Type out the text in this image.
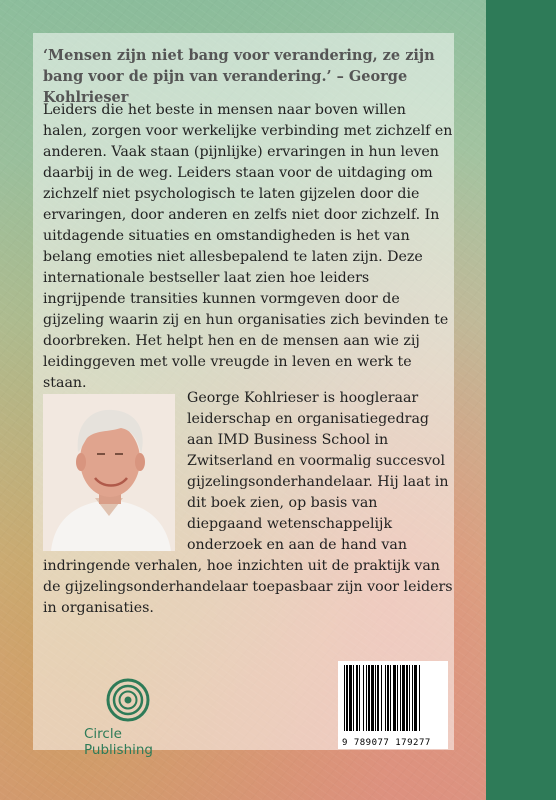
‘Mensen zijn niet bang voor verandering, ze zijn bang voor de pijn van verandering.’ – George Kohlrieser
Leiders die het beste in mensen naar boven willen halen, zorgen voor werkelijke verbinding met zichzelf en anderen. Vaak staan (pijnlijke) ervaringen in hun leven daarbij in de weg. Leiders staan voor de uitdaging om zichzelf niet psychologisch te laten gijzelen door die ervaringen, door anderen en zelfs niet door zichzelf. In uitdagende situaties en omstandigheden is het van belang emoties niet allesbepalend te laten zijn. Deze internationale bestseller laat zien hoe leiders ingrijpende transities kunnen vormgeven door de gijzeling waarin zij en hun organisaties zich bevinden te doorbreken. Het helpt hen en de mensen aan wie zij leidinggeven met volle vreugde in leven en werk te staan.
George Kohlrieser is hoogleraar leiderschap en organisatiegedrag aan IMD Business School in Zwitserland en voormalig succesvol gijzelingsonderhandelaar. Hij laat in dit boek zien, op basis van diepgaand wetenschappelijk onderzoek en aan de hand van indringende verhalen, hoe inzichten uit de praktijk van de gijzelingsonderhandelaar toepasbaar zijn voor leiders in organisaties.
Circle
Publishing	9 789077 179277
